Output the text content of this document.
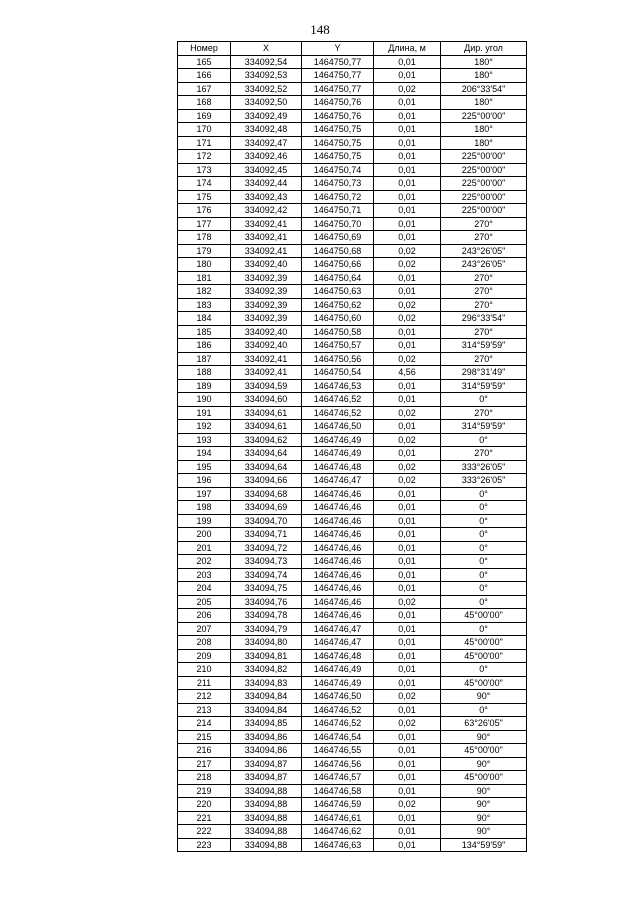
148
Номер	X	Y	Длина, м	Дир. угол
165	334092,54	1464750,77	0,01	180°
166	334092,53	1464750,77	0,01	180°
167	334092,52	1464750,77	0,02	206°33'54"
168	334092,50	1464750,76	0,01	180°
169	334092,49	1464750,76	0,01	225°00'00"
170	334092,48	1464750,75	0,01	180°
171	334092,47	1464750,75	0,01	180°
172	334092,46	1464750,75	0,01	225°00'00"
173	334092,45	1464750,74	0,01	225°00'00"
174	334092,44	1464750,73	0,01	225°00'00"
175	334092,43	1464750,72	0,01	225°00'00"
176	334092,42	1464750,71	0,01	225°00'00"
177	334092,41	1464750,70	0,01	270°
178	334092,41	1464750,69	0,01	270°
179	334092,41	1464750,68	0,02	243°26'05"
180	334092,40	1464750,66	0,02	243°26'05"
181	334092,39	1464750,64	0,01	270°
182	334092,39	1464750,63	0,01	270°
183	334092,39	1464750,62	0,02	270°
184	334092,39	1464750,60	0,02	296°33'54"
185	334092,40	1464750,58	0,01	270°
186	334092,40	1464750,57	0,01	314°59'59"
187	334092,41	1464750,56	0,02	270°
188	334092,41	1464750,54	4,56	298°31'49"
189	334094,59	1464746,53	0,01	314°59'59"
190	334094,60	1464746,52	0,01	0°
191	334094,61	1464746,52	0,02	270°
192	334094,61	1464746,50	0,01	314°59'59"
193	334094,62	1464746,49	0,02	0°
194	334094,64	1464746,49	0,01	270°
195	334094,64	1464746,48	0,02	333°26'05"
196	334094,66	1464746,47	0,02	333°26'05"
197	334094,68	1464746,46	0,01	0°
198	334094,69	1464746,46	0,01	0°
199	334094,70	1464746,46	0,01	0°
200	334094,71	1464746,46	0,01	0°
201	334094,72	1464746,46	0,01	0°
202	334094,73	1464746,46	0,01	0°
203	334094,74	1464746,46	0,01	0°
204	334094,75	1464746,46	0,01	0°
205	334094,76	1464746,46	0,02	0°
206	334094,78	1464746,46	0,01	45°00'00"
207	334094,79	1464746,47	0,01	0°
208	334094,80	1464746,47	0,01	45°00'00"
209	334094,81	1464746,48	0,01	45°00'00"
210	334094,82	1464746,49	0,01	0°
211	334094,83	1464746,49	0,01	45°00'00"
212	334094,84	1464746,50	0,02	90°
213	334094,84	1464746,52	0,01	0°
214	334094,85	1464746,52	0,02	63°26'05"
215	334094,86	1464746,54	0,01	90°
216	334094,86	1464746,55	0,01	45°00'00"
217	334094,87	1464746,56	0,01	90°
218	334094,87	1464746,57	0,01	45°00'00"
219	334094,88	1464746,58	0,01	90°
220	334094,88	1464746,59	0,02	90°
221	334094,88	1464746,61	0,01	90°
222	334094,88	1464746,62	0,01	90°
223	334094,88	1464746,63	0,01	134°59'59"
